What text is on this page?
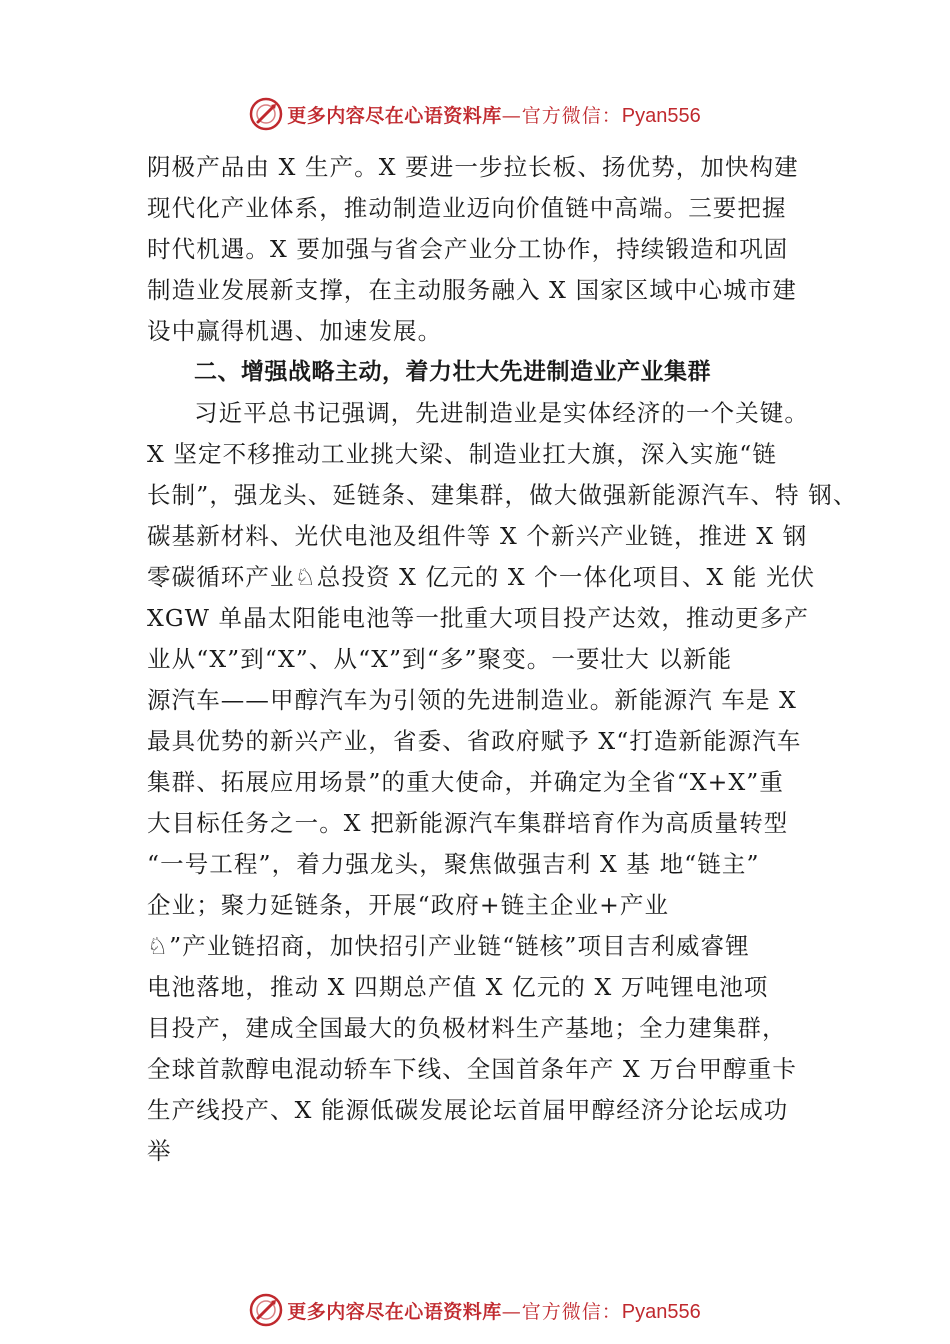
更多内容尽在心语资料库 — 官方微信： Pyan556
阴极产品由 X 生产。X 要进一步拉长板、扬优势，加快构建
现代化产业体系，推动制造业迈向价值链中高端。三要把握
时代机遇。X 要加强与省会产业分工协作，持续锻造和巩固
制造业发展新支撑，在主动服务融入 X 国家区域中心城市建
设中赢得机遇、加速发展。
二、增强战略主动，着力壮大先进制造业产业集群
习近平总书记强调，先进制造业是实体经济的一个关键。
X 坚定不移推动工业挑大梁、制造业扛大旗，深入实施“链
长制”，强龙头、延链条、建集群，做大做强新能源汽车、特 钢、
碳基新材料、光伏电池及组件等 X 个新兴产业链，推进 X 钢
零碳循环产业♘总投资 X 亿元的 X 个一体化项目、X 能 光伏
XGW 单晶太阳能电池等一批重大项目投产达效，推动更多产
业从“X”到“X”、从“X”到“多”聚变。一要壮大 以新能
源汽车——甲醇汽车为引领的先进制造业。新能源汽 车是 X
最具优势的新兴产业，省委、省政府赋予 X“打造新能源汽车
集群、拓展应用场景”的重大使命，并确定为全省“X+X”重
大目标任务之一。X 把新能源汽车集群培育作为高质量转型
“一号工程”，着力强龙头，聚焦做强吉利 X 基 地“链主”
企业；聚力延链条，开展“政府+链主企业+产业
♘”产业链招商，加快招引产业链“链核”项目吉利威睿锂
电池落地，推动 X 四期总产值 X 亿元的 X 万吨锂电池项
目投产，建成全国最大的负极材料生产基地；全力建集群，
全球首款醇电混动轿车下线、全国首条年产 X 万台甲醇重卡
生产线投产、X 能源低碳发展论坛首届甲醇经济分论坛成功
举
更多内容尽在心语资料库 — 官方微信： Pyan556
